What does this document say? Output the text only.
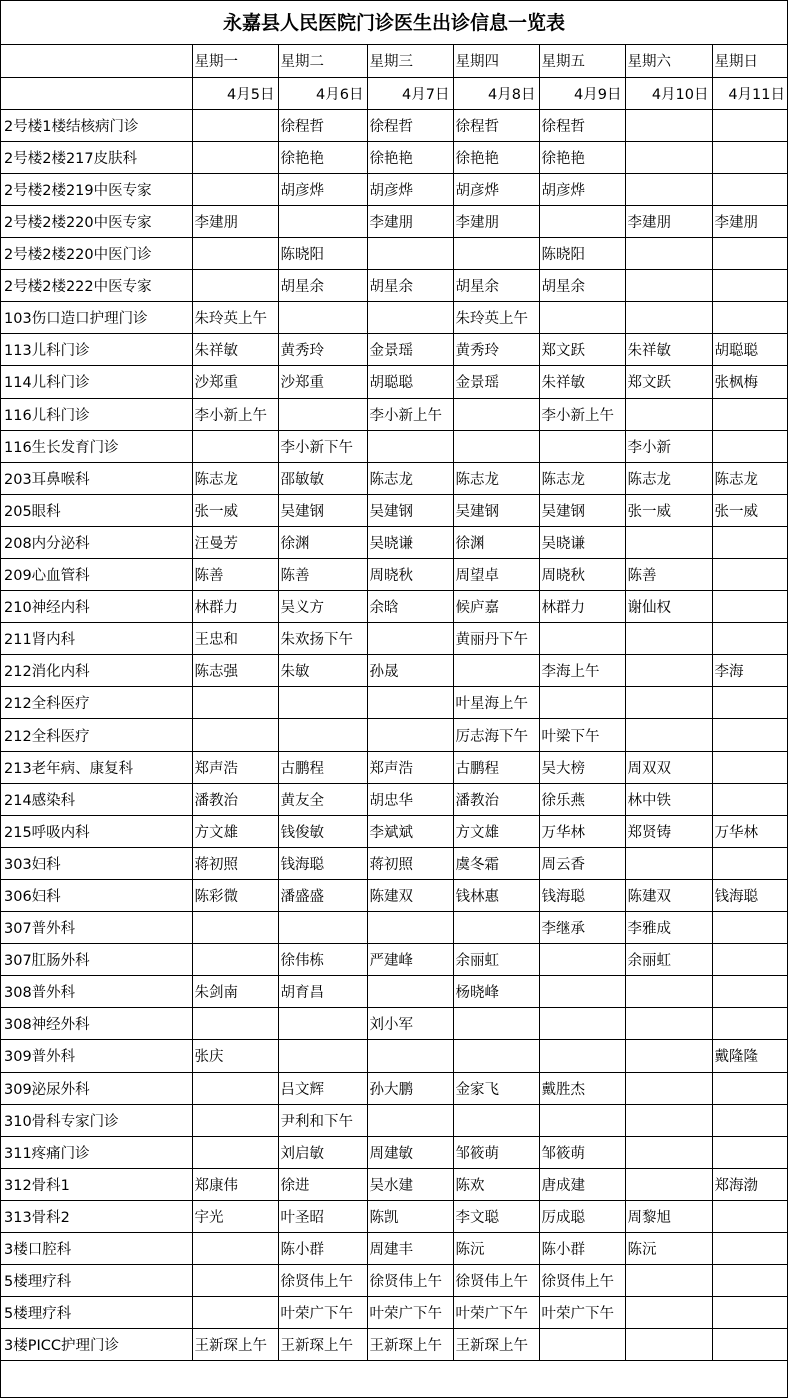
永嘉县人民医院门诊医生出诊信息一览表
	星期一	星期二	星期三	星期四	星期五	星期六	星期日
	4月5日	4月6日	4月7日	4月8日	4月9日	4月10日	4月11日
2号楼1楼结核病门诊		徐程哲	徐程哲	徐程哲	徐程哲		
2号楼2楼217皮肤科		徐艳艳	徐艳艳	徐艳艳	徐艳艳		
2号楼2楼219中医专家		胡彦烨	胡彦烨	胡彦烨	胡彦烨		
2号楼2楼220中医专家	李建朋		李建朋	李建朋		李建朋	李建朋
2号楼2楼220中医门诊		陈晓阳			陈晓阳		
2号楼2楼222中医专家		胡星余	胡星余	胡星余	胡星余		
103伤口造口护理门诊	朱玲英上午			朱玲英上午			
113儿科门诊	朱祥敏	黄秀玲	金景瑶	黄秀玲	郑文跃	朱祥敏	胡聪聪
114儿科门诊	沙郑重	沙郑重	胡聪聪	金景瑶	朱祥敏	郑文跃	张枫梅
116儿科门诊	李小新上午		李小新上午		李小新上午		
116生长发育门诊		李小新下午				李小新	
203耳鼻喉科	陈志龙	邵敏敏	陈志龙	陈志龙	陈志龙	陈志龙	陈志龙
205眼科	张一威	吴建钢	吴建钢	吴建钢	吴建钢	张一威	张一威
208内分泌科	汪曼芳	徐渊	吴晓谦	徐渊	吴晓谦		
209心血管科	陈善	陈善	周晓秋	周望卓	周晓秋	陈善	
210神经内科	林群力	吴义方	余晗	候庐嘉	林群力	谢仙权	
211肾内科	王忠和	朱欢扬下午		黄丽丹下午			
212消化内科	陈志强	朱敏	孙晟		李海上午		李海
212全科医疗				叶星海上午			
212全科医疗				厉志海下午	叶梁下午		
213老年病、康复科	郑声浩	古鹏程	郑声浩	古鹏程	吴大榜	周双双	
214感染科	潘教治	黄友全	胡忠华	潘教治	徐乐燕	林中铁	
215呼吸内科	方文雄	钱俊敏	李斌斌	方文雄	万华林	郑贤铸	万华林
303妇科	蒋初照	钱海聪	蒋初照	虞冬霜	周云香		
306妇科	陈彩微	潘盛盛	陈建双	钱林惠	钱海聪	陈建双	钱海聪
307普外科					李继承	李雅成	
307肛肠外科		徐伟栋	严建峰	余丽虹		余丽虹	
308普外科	朱剑南	胡育昌		杨晓峰			
308神经外科			刘小军				
309普外科	张庆						戴隆隆
309泌尿外科		吕文辉	孙大鹏	金家飞	戴胜杰		
310骨科专家门诊		尹利和下午					
311疼痛门诊		刘启敏	周建敏	邹筱萌	邹筱萌		
312骨科1	郑康伟	徐进	吴水建	陈欢	唐成建		郑海渤
313骨科2	宇光	叶圣昭	陈凯	李文聪	厉成聪	周黎旭	
3楼口腔科		陈小群	周建丰	陈沅	陈小群	陈沅	
5楼理疗科		徐贤伟上午	徐贤伟上午	徐贤伟上午	徐贤伟上午		
5楼理疗科		叶荣广下午	叶荣广下午	叶荣广下午	叶荣广下午		
3楼PICC护理门诊	王新琛上午	王新琛上午	王新琛上午	王新琛上午			
